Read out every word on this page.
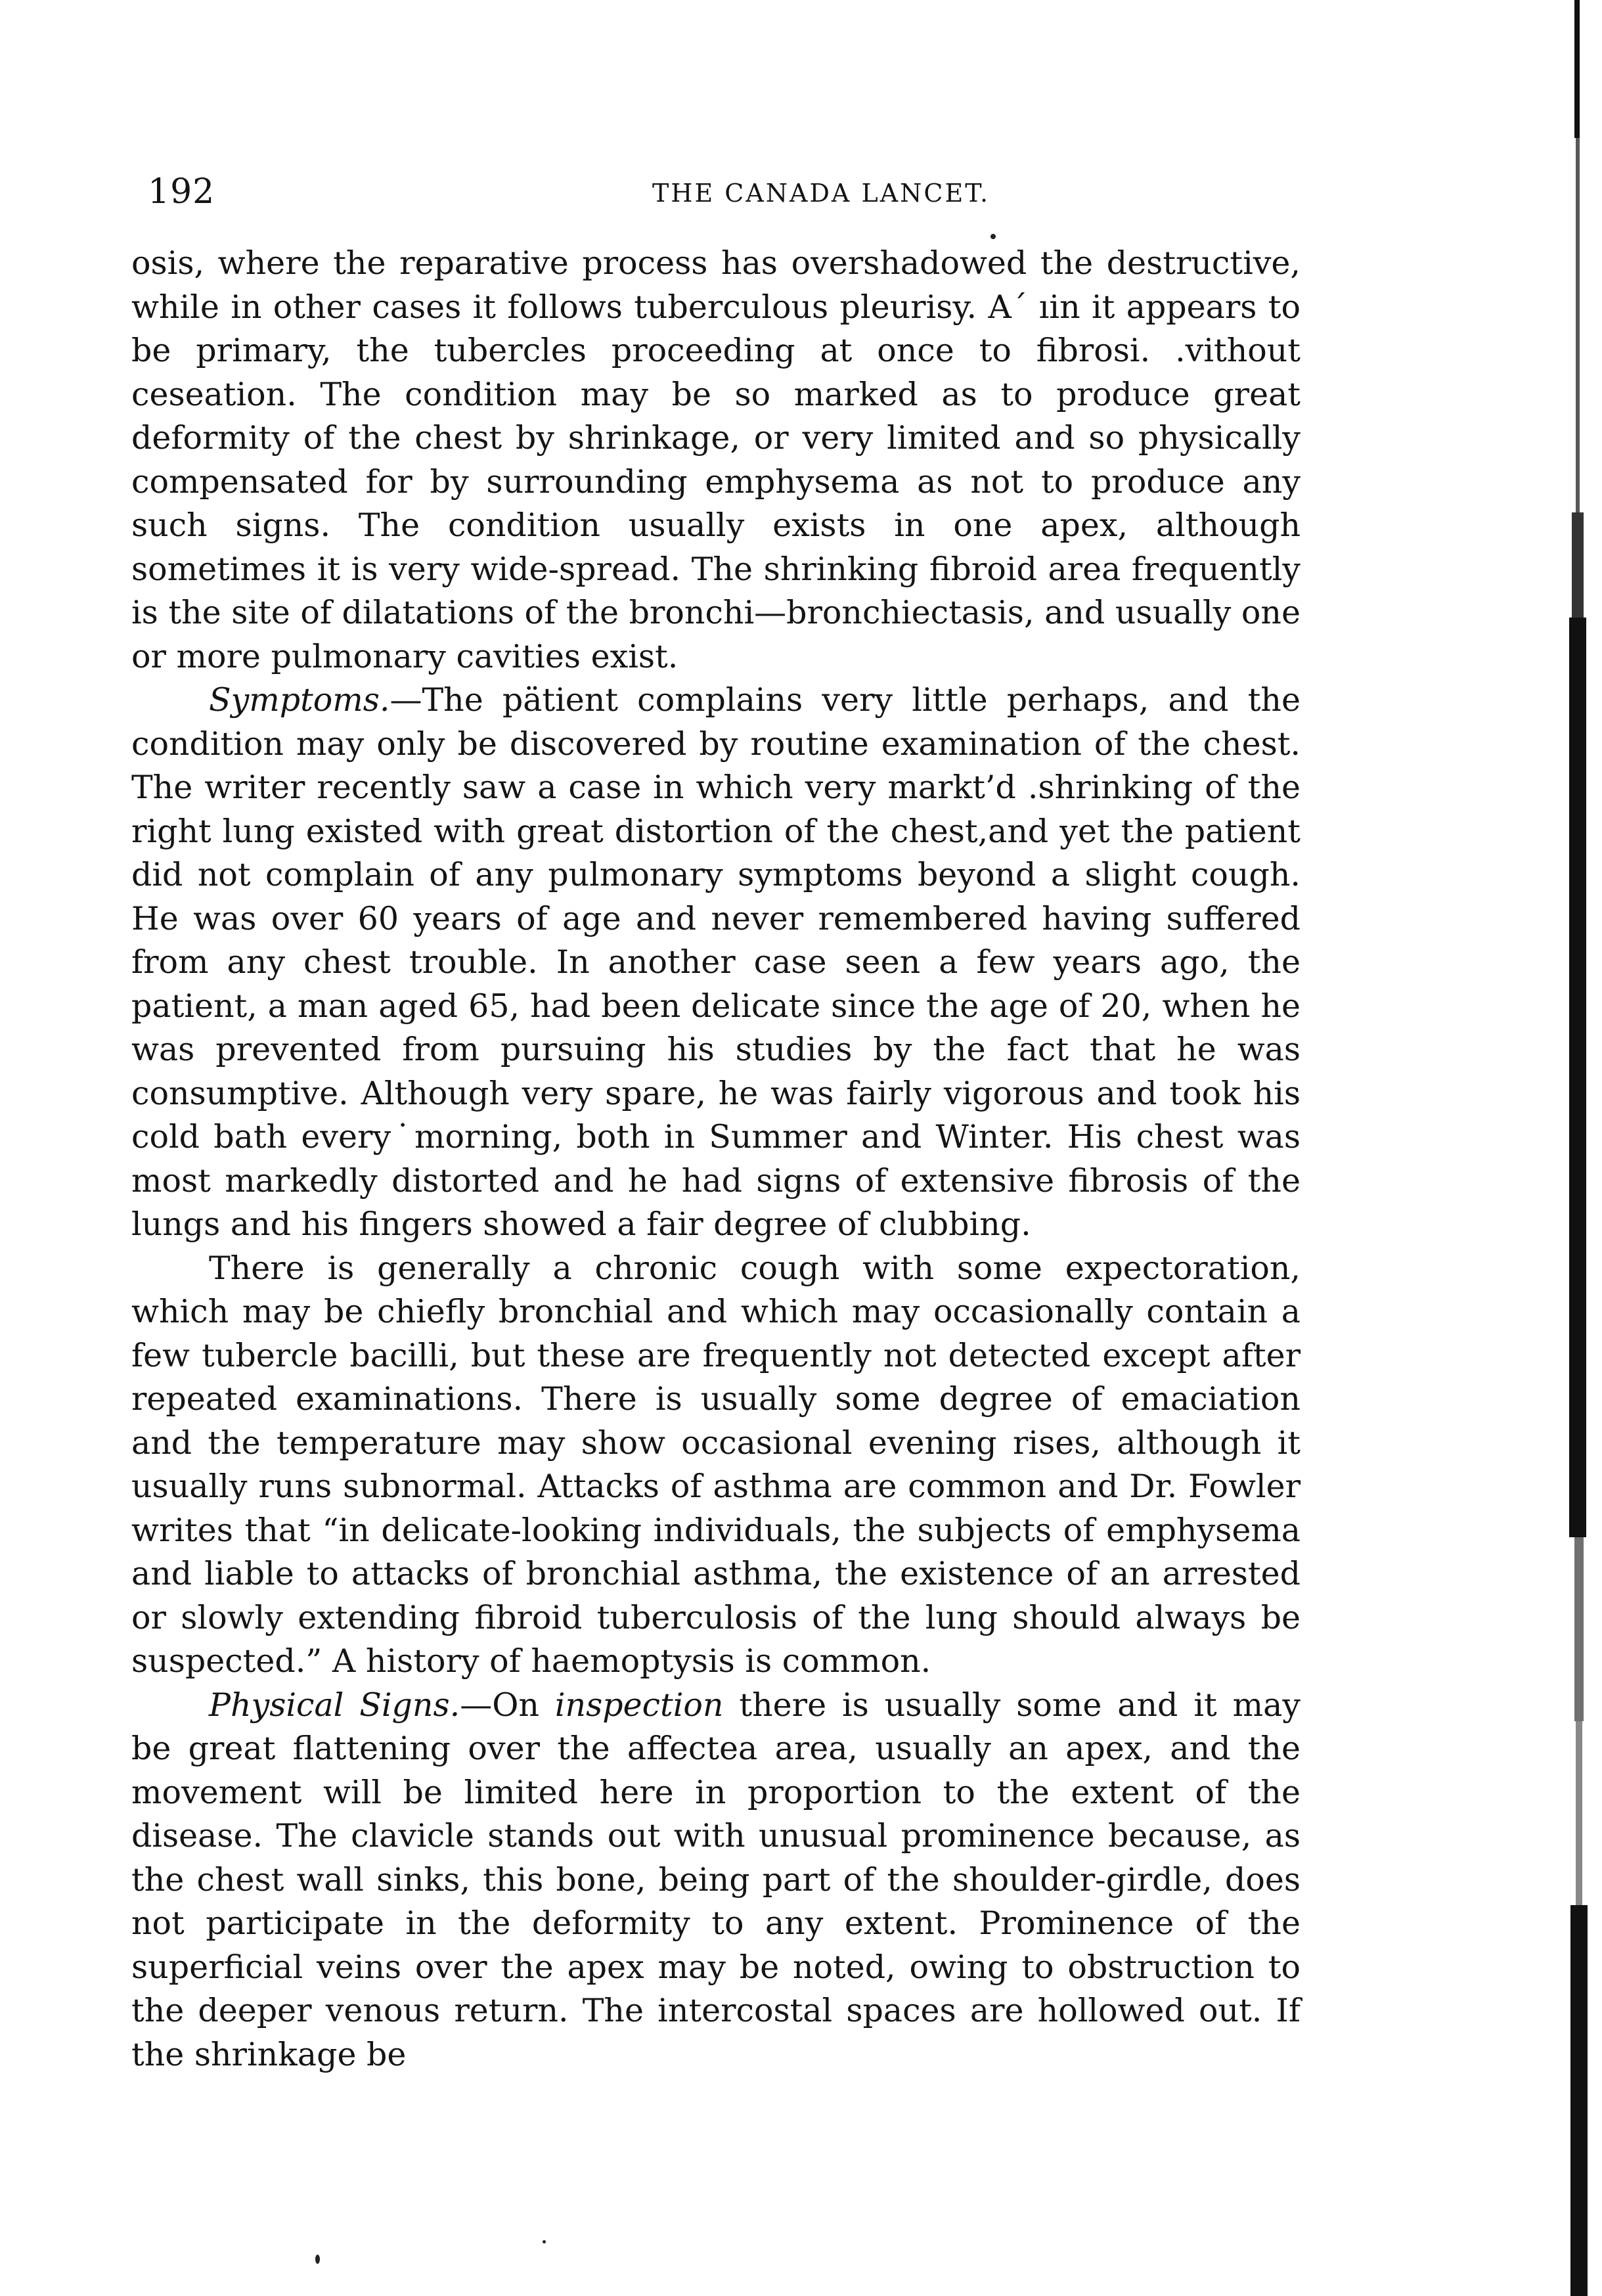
192	THE CANADA LANCET.

osis, where the reparative process has overshadowed the destructive, while in other cases it follows tuberculous pleurisy. A´ ıin it appears to be primary, the tubercles proceeding at once to fibrosi. .vithout ceseation. The condition may be so marked as to produce great deformity of the chest by shrinkage, or very limited and so physically compensated for by surrounding emphysema as not to produce any such signs. The condition usually exists in one apex, although sometimes it is very wide-spread. The shrinking fibroid area frequently is the site of dilatations of the bronchi—bronchiectasis, and usually one or more pulmonary cavities exist.

Symptoms.—The pätient complains very little perhaps, and the condition may only be discovered by routine examination of the chest. The writer recently saw a case in which very markt’d .shrinking of the right lung existed with great distortion of the chest,and yet the patient did not complain of any pulmonary symptoms beyond a slight cough. He was over 60 years of age and never remembered having suffered from any chest trouble. In another case seen a few years ago, the patient, a man aged 65, had been delicate since the age of 20, when he was prevented from pursuing his studies by the fact that he was consumptive. Although very spare, he was fairly vigorous and took his cold bath every˙morning, both in Summer and Winter. His chest was most markedly distorted and he had signs of extensive fibrosis of the lungs and his fingers showed a fair degree of clubbing.

There is generally a chronic cough with some expectoration, which may be chiefly bronchial and which may occasionally contain a few tubercle bacilli, but these are frequently not detected except after repeated examinations. There is usually some degree of emaciation and the temperature may show occasional evening rises, although it usually runs subnormal. Attacks of asthma are common and Dr. Fowler writes that “in delicate-looking individuals, the subjects of emphysema and liable to attacks of bronchial asthma, the existence of an arrested or slowly extending fibroid tuberculosis of the lung should always be suspected.” A history of haemoptysis is common.

Physical Signs.—On inspection there is usually some and it may be great flattening over the affectea area, usually an apex, and the movement will be limited here in proportion to the extent of the disease. The clavicle stands out with unusual prominence because, as the chest wall sinks, this bone, being part of the shoulder-girdle, does not participate in the deformity to any extent. Prominence of the superficial veins over the apex may be noted, owing to obstruction to the deeper venous return. The intercostal spaces are hollowed out. If the shrinkage be
